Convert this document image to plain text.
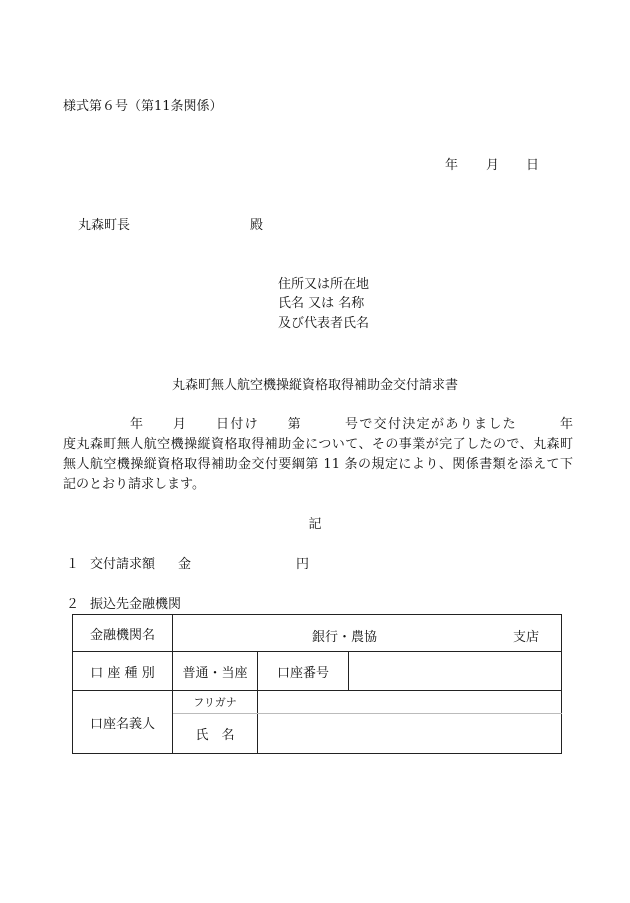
様式第６号（第11条関係）
年 月 日
丸森町長	殿
住所又は所在地
氏名 又は 名称
及び代表者氏名
丸森町無人航空機操縦資格取得補助金交付請求書
年　　月　　日付け　　第　　　号で交付決定がありました　　　年
度丸森町無人航空機操縦資格取得補助金について、その事業が完了したので、丸森町
無人航空機操縦資格取得補助金交付要綱第 11 条の規定により、関係書類を添えて下
記のとおり請求します。
記
１ 交付請求額 金	円
２ 振込先金融機関
金融機関名	銀行・農協 支店		

口 座 種 別	普通・当座	口座番号	
口座名義人	フリガナ		
	氏　名		
